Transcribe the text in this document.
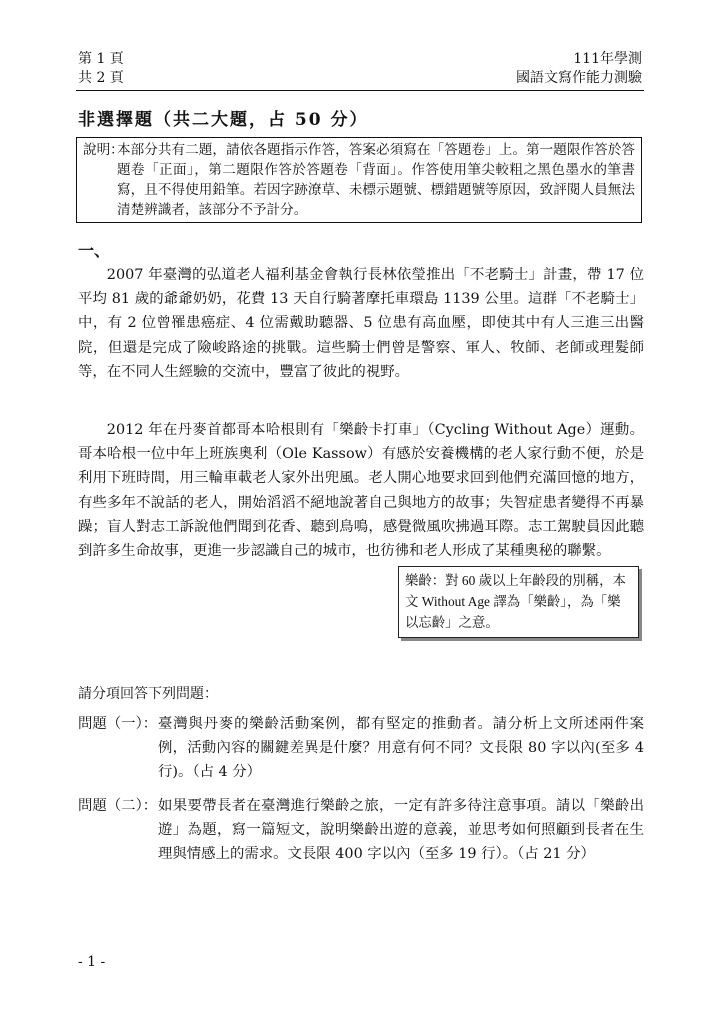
第 1 頁
共 2 頁
111年學測
國語文寫作能力測驗
非選擇題（共二大題，占 50 分）
說明：
本部分共有二題，請依各題指示作答，答案必須寫在「答題卷」上。第一題限作答於答題卷「正面」，第二題限作答於答題卷「背面」。作答使用筆尖較粗之黑色墨水的筆書寫，且不得使用鉛筆。若因字跡潦草、未標示題號、標錯題號等原因，致評閱人員無法清楚辨識者，該部分不予計分。
一、

2007 年臺灣的弘道老人福利基金會執行長林依瑩推出「不老騎士」計畫，帶 17 位平均 81 歲的爺爺奶奶，花費 13 天自行騎著摩托車環島 1139 公里。這群「不老騎士」中，有 2 位曾罹患癌症、4 位需戴助聽器、5 位患有高血壓，即使其中有人三進三出醫院，但還是完成了險峻路途的挑戰。這些騎士們曾是警察、軍人、牧師、老師或理髮師等，在不同人生經驗的交流中，豐富了彼此的視野。

2012 年在丹麥首都哥本哈根則有「樂齡卡打車」（Cycling Without Age）運動。哥本哈根一位中年上班族奧利（Ole Kassow）有感於安養機構的老人家行動不便，於是利用下班時間，用三輪車載老人家外出兜風。老人開心地要求回到他們充滿回憶的地方，有些多年不說話的老人，開始滔滔不絕地說著自己與地方的故事；失智症患者變得不再暴躁；盲人對志工訴說他們聞到花香、聽到鳥鳴，感覺微風吹拂過耳際。志工駕駛員因此聽到許多生命故事，更進一步認識自己的城市，也彷彿和老人形成了某種奧秘的聯繫。

樂齡：對 60 歲以上年齡段的別稱，本文 Without Age 譯為「樂齡」，為「樂以忘齡」之意。
請分項回答下列問題：
問題（一）： 臺灣與丹麥的樂齡活動案例，都有堅定的推動者。請分析上文所述兩件案例，活動內容的關鍵差異是什麼？用意有何不同？文長限 80 字以內(至多 4 行)。（占 4 分）
問題（二）： 如果要帶長者在臺灣進行樂齡之旅，一定有許多待注意事項。請以「樂齡出遊」為題，寫一篇短文，說明樂齡出遊的意義，並思考如何照顧到長者在生理與情感上的需求。文長限 400 字以內（至多 19 行）。（占 21 分）
- 1 -
